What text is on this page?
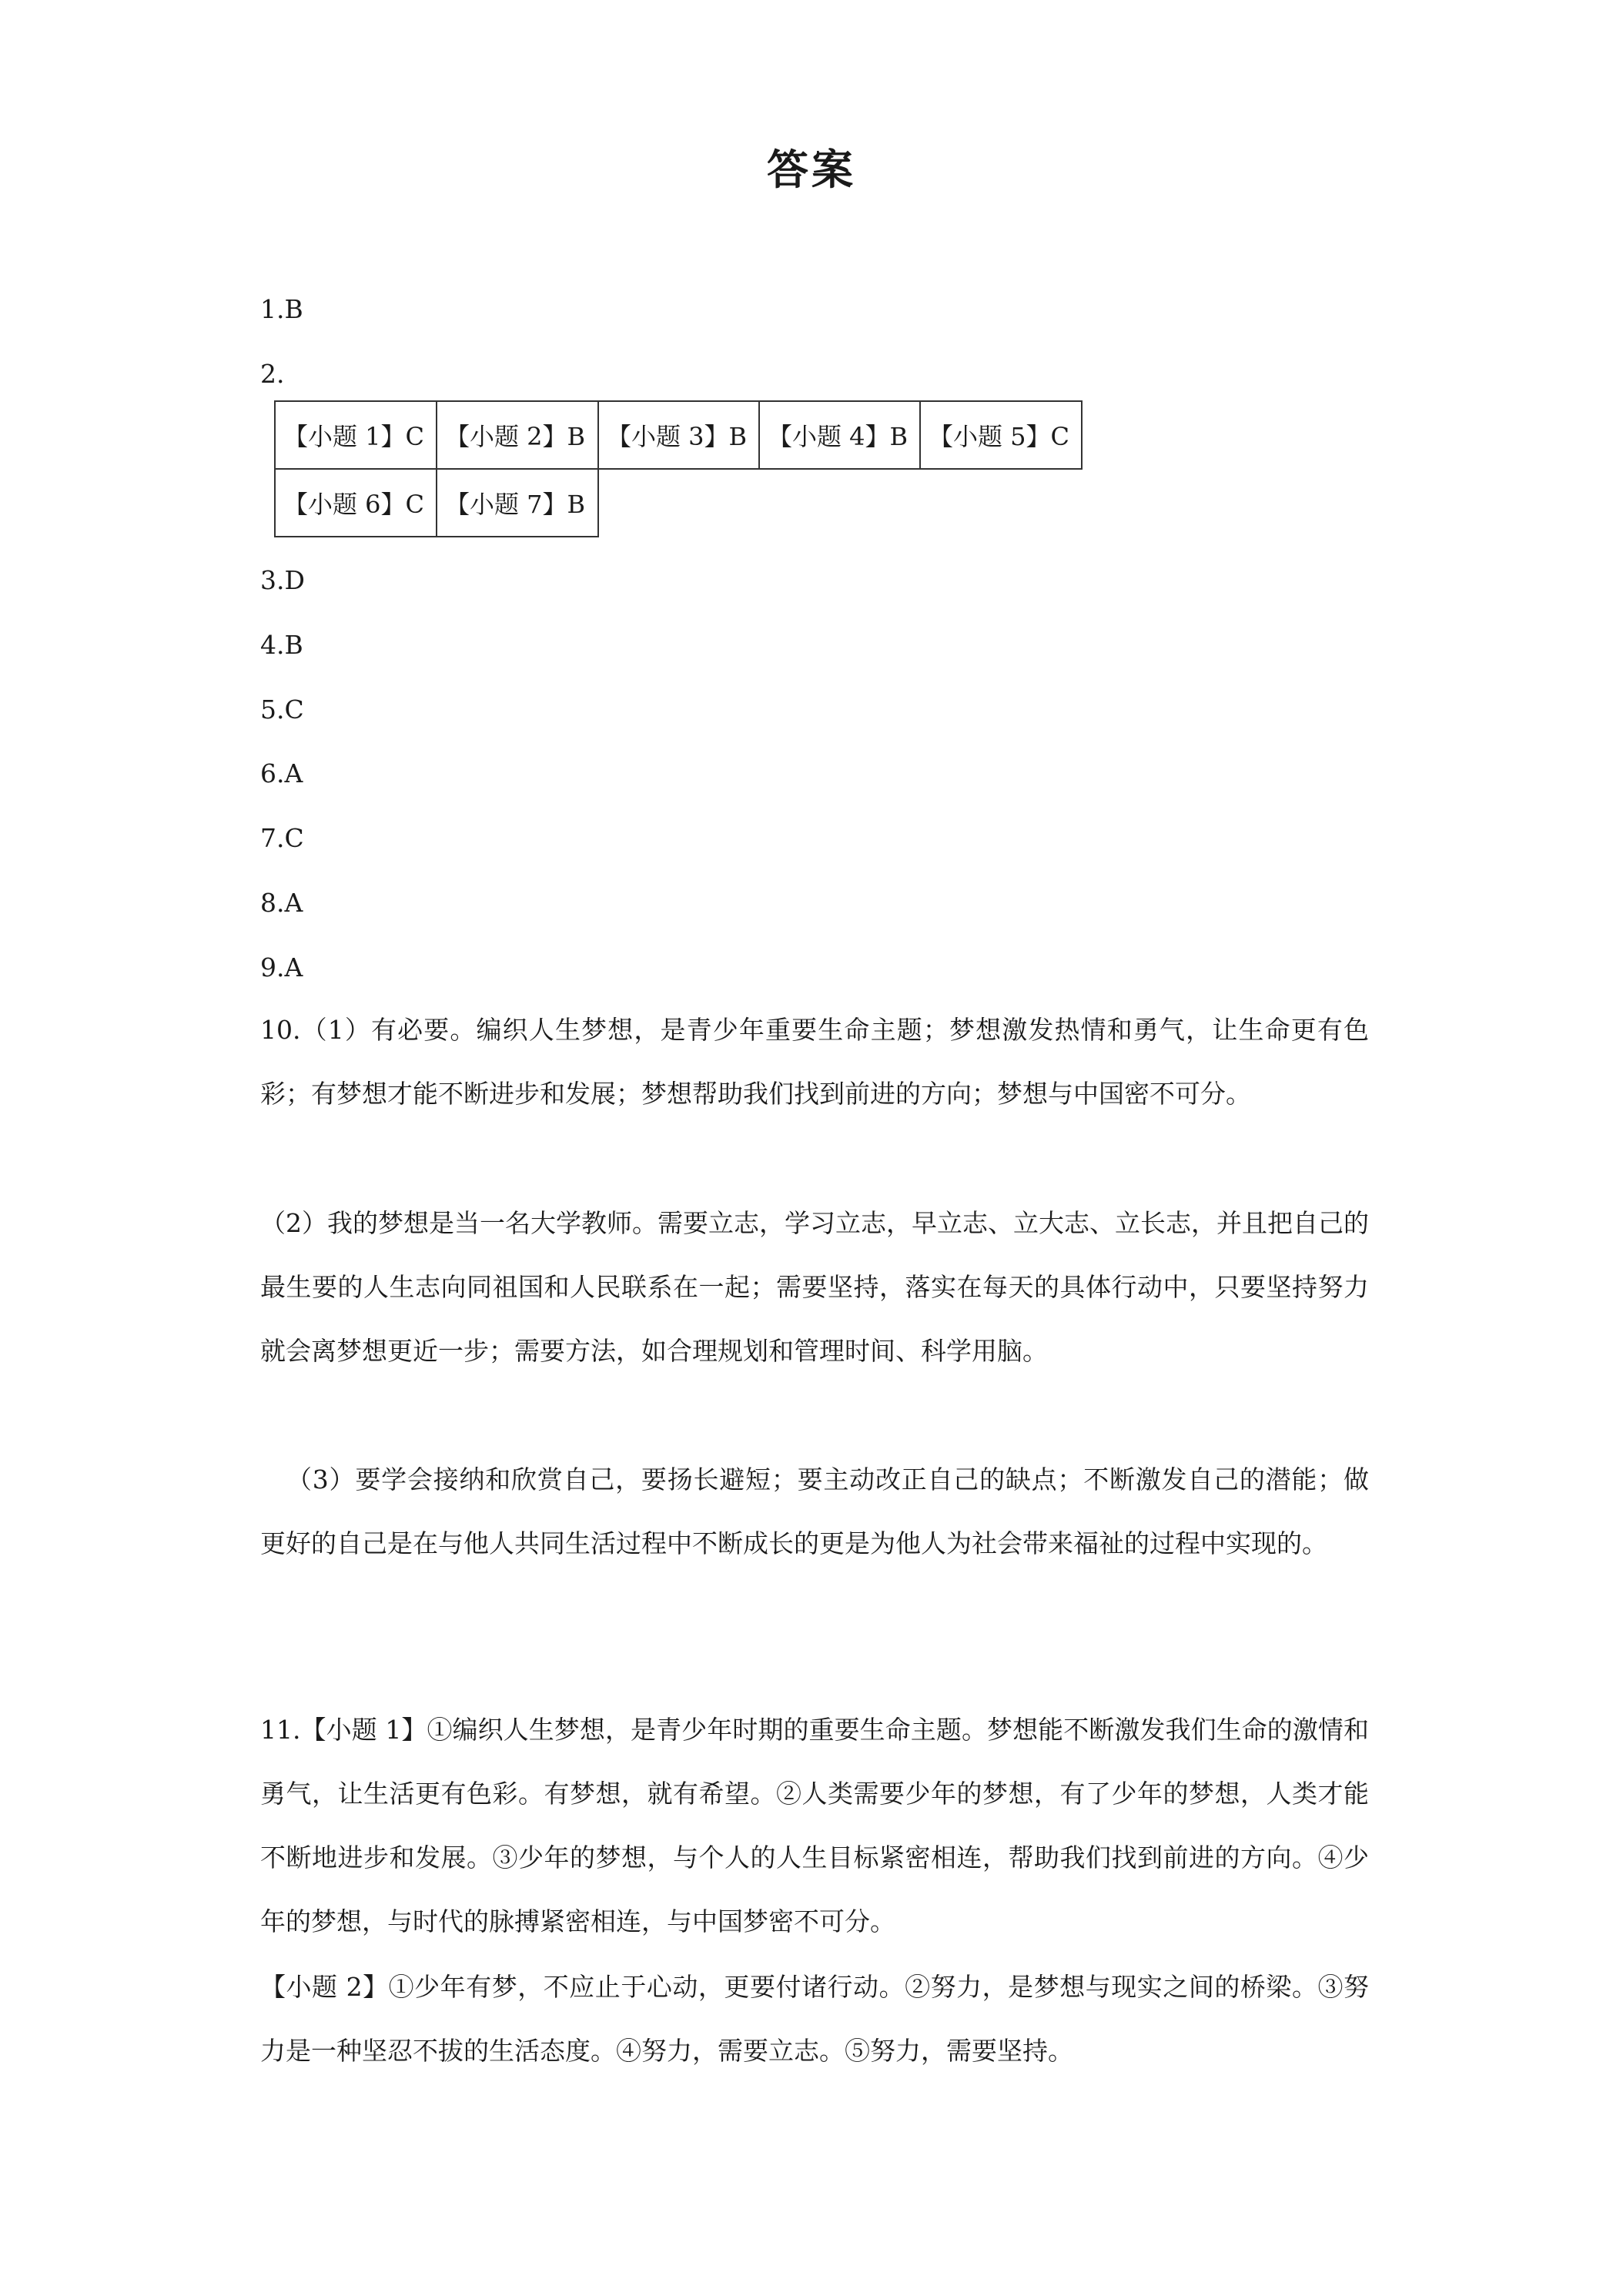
答案
1.B
2.
【小题 1】C	【小题 2】B	【小题 3】B	【小题 4】B	【小题 5】C
【小题 6】C	【小题 7】B			
3.D
4.B
5.C
6.A
7.C
8.A
9.A

10.（1）有必要。编织人生梦想，是青少年重要生命主题；梦想激发热情和勇气，让生命更有色彩；有梦想才能不断进步和发展；梦想帮助我们找到前进的方向；梦想与中国密不可分。

（2）我的梦想是当一名大学教师。需要立志，学习立志，早立志、立大志、立长志，并且把自己的最生要的人生志向同祖国和人民联系在一起；需要坚持，落实在每天的具体行动中，只要坚持努力就会离梦想更近一步；需要方法，如合理规划和管理时间、科学用脑。

（3）要学会接纳和欣赏自己，要扬长避短；要主动改正自己的缺点；不断激发自己的潜能；做更好的自己是在与他人共同生活过程中不断成长的更是为他人为社会带来福祉的过程中实现的。

11.【小题 1】①编织人生梦想，是青少年时期的重要生命主题。梦想能不断激发我们生命的激情和勇气，让生活更有色彩。有梦想，就有希望。②人类需要少年的梦想，有了少年的梦想，人类才能不断地进步和发展。③少年的梦想，与个人的人生目标紧密相连，帮助我们找到前进的方向。④少年的梦想，与时代的脉搏紧密相连，与中国梦密不可分。

【小题 2】①少年有梦，不应止于心动，更要付诸行动。②努力，是梦想与现实之间的桥梁。③努力是一种坚忍不拔的生活态度。④努力，需要立志。⑤努力，需要坚持。
